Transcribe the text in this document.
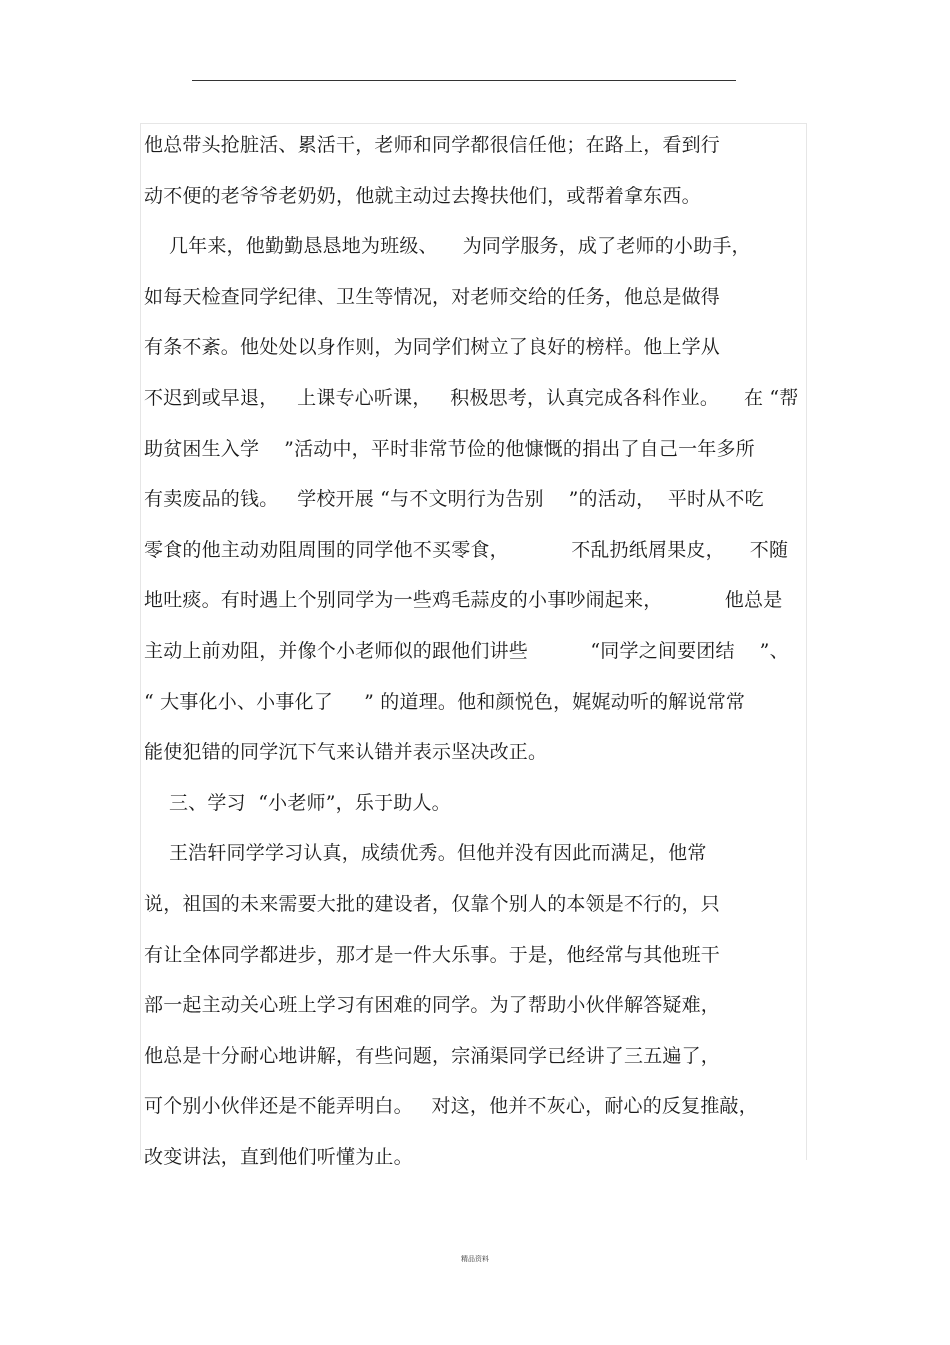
他总带头抢脏活、累活干，老师和同学都很信任他；在路上，看到行
动不便的老爷爷老奶奶，他就主动过去搀扶他们，或帮着拿东西。
几年来，他勤勤恳恳地为班级、    为同学服务，成了老师的小助手，
如每天检查同学纪律、卫生等情况，对老师交给的任务，他总是做得
有条不紊。他处处以身作则，为同学们树立了良好的榜样。他上学从
不迟到或早退，   上课专心听课，   积极思考，认真完成各科作业。    在 “帮
助贫困生入学    ”活动中，平时非常节俭的他慷慨的捐出了自己一年多所
有卖废品的钱。   学校开展 “与不文明行为告别    ”的活动，  平时从不吃
零食的他主动劝阻周围的同学他不买零食，          不乱扔纸屑果皮，    不随
地吐痰。有时遇上个别同学为一些鸡毛蒜皮的小事吵闹起来，          他总是
主动上前劝阻，并像个小老师似的跟他们讲些          “同学之间要团结    ”、
“ 大事化小、小事化了     ” 的道理。他和颜悦色，娓娓动听的解说常常
能使犯错的同学沉下气来认错并表示坚决改正。
三、学习  “小老师”，乐于助人。
王浩轩同学学习认真，成绩优秀。但他并没有因此而满足，他常
说，祖国的未来需要大批的建设者，仅靠个别人的本领是不行的，只
有让全体同学都进步，那才是一件大乐事。于是，他经常与其他班干
部一起主动关心班上学习有困难的同学。为了帮助小伙伴解答疑难，
他总是十分耐心地讲解，有些问题，宗涌渠同学已经讲了三五遍了，
可个别小伙伴还是不能弄明白。   对这，他并不灰心，耐心的反复推敲，
改变讲法，直到他们听懂为止。
精品资料
